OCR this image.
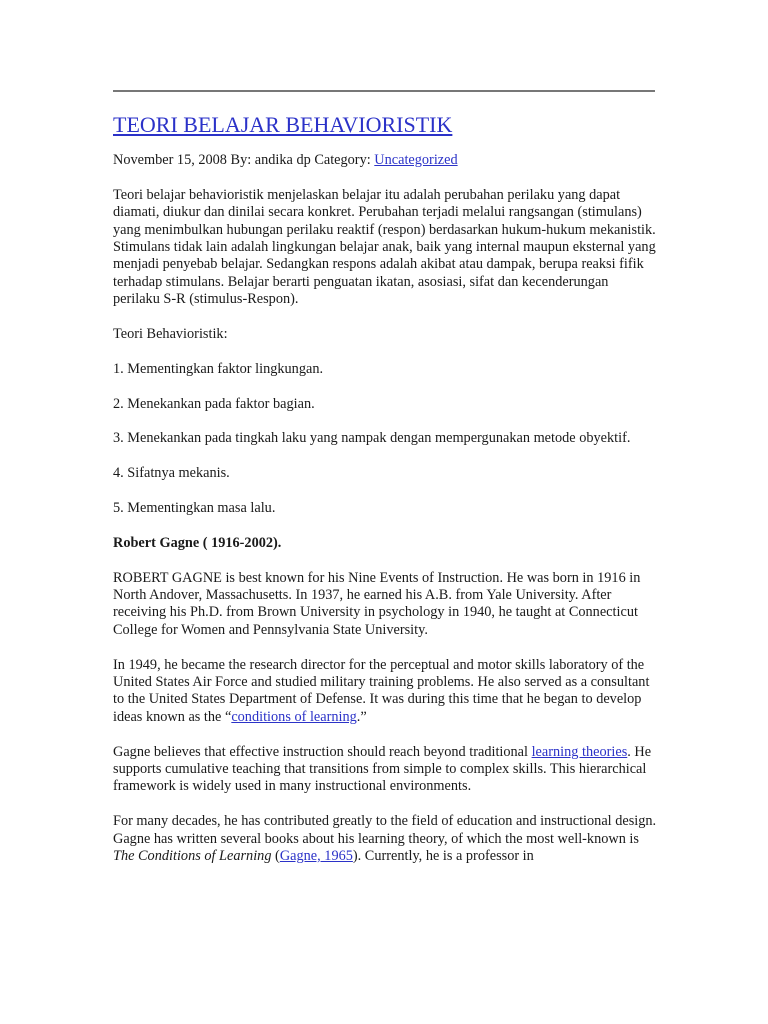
TEORI BELAJAR BEHAVIORISTIK

November 15, 2008 By: andika dp Category: Uncategorized

Teori belajar behavioristik menjelaskan belajar itu adalah perubahan perilaku yang dapat diamati, diukur dan dinilai secara konkret. Perubahan terjadi melalui rangsangan (stimulans) yang menimbulkan hubungan perilaku reaktif (respon) berdasarkan hukum-hukum mekanistik. Stimulans tidak lain adalah lingkungan belajar anak, baik yang internal maupun eksternal yang menjadi penyebab belajar. Sedangkan respons adalah akibat atau dampak, berupa reaksi fifik terhadap stimulans. Belajar berarti penguatan ikatan, asosiasi, sifat dan kecenderungan perilaku S-R (stimulus-Respon).

Teori Behavioristik:

1. Mementingkan faktor lingkungan.

2. Menekankan pada faktor bagian.

3. Menekankan pada tingkah laku yang nampak dengan mempergunakan metode obyektif.

4. Sifatnya mekanis.

5. Mementingkan masa lalu.

Robert Gagne ( 1916-2002).

ROBERT GAGNE is best known for his Nine Events of Instruction. He was born in 1916 in North Andover, Massachusetts. In 1937, he earned his A.B. from Yale University. After receiving his Ph.D. from Brown University in psychology in 1940, he taught at Connecticut College for Women and Pennsylvania State University.

In 1949, he became the research director for the perceptual and motor skills laboratory of the United States Air Force and studied military training problems. He also served as a consultant to the United States Department of Defense. It was during this time that he began to develop ideas known as the “conditions of learning.”

Gagne believes that effective instruction should reach beyond traditional learning theories. He supports cumulative teaching that transitions from simple to complex skills. This hierarchical framework is widely used in many instructional environments.

For many decades, he has contributed greatly to the field of education and instructional design. Gagne has written several books about his learning theory, of which the most well-known is The Conditions of Learning (Gagne, 1965). Currently, he is a professor in
